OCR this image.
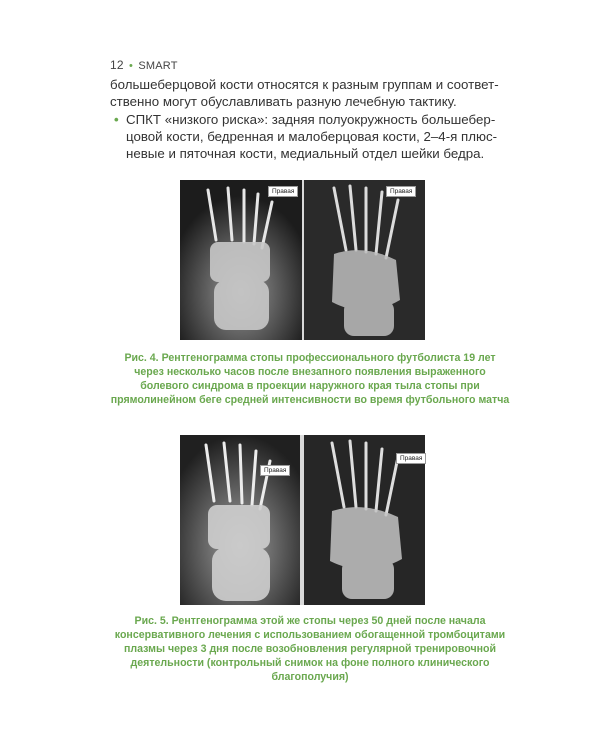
12 • SMART

большеберцовой кости относятся к разным группам и соответственно могут обуславливать разную лечебную тактику.

• СПКТ «низкого риска»: задняя полуокружность большеберцовой кости, бедренная и малоберцовая кости, 2–4-я плюсневые и пяточная кости, медиальный отдел шейки бедра.
Правая	Правая
Рис. 4. Рентгенограмма стопы профессионального футболиста 19 лет через несколько часов после внезапного появления выраженного болевого синдрома в проекции наружного края тыла стопы при прямолинейном беге средней интенсивности во время футбольного матча
Правая
Правая
Рис. 5. Рентгенограмма этой же стопы через 50 дней после начала консервативного лечения с использованием обогащенной тромбоцитами плазмы через 3 дня после возобновления регулярной тренировочной деятельности (контрольный снимок на фоне полного клинического благополучия)
